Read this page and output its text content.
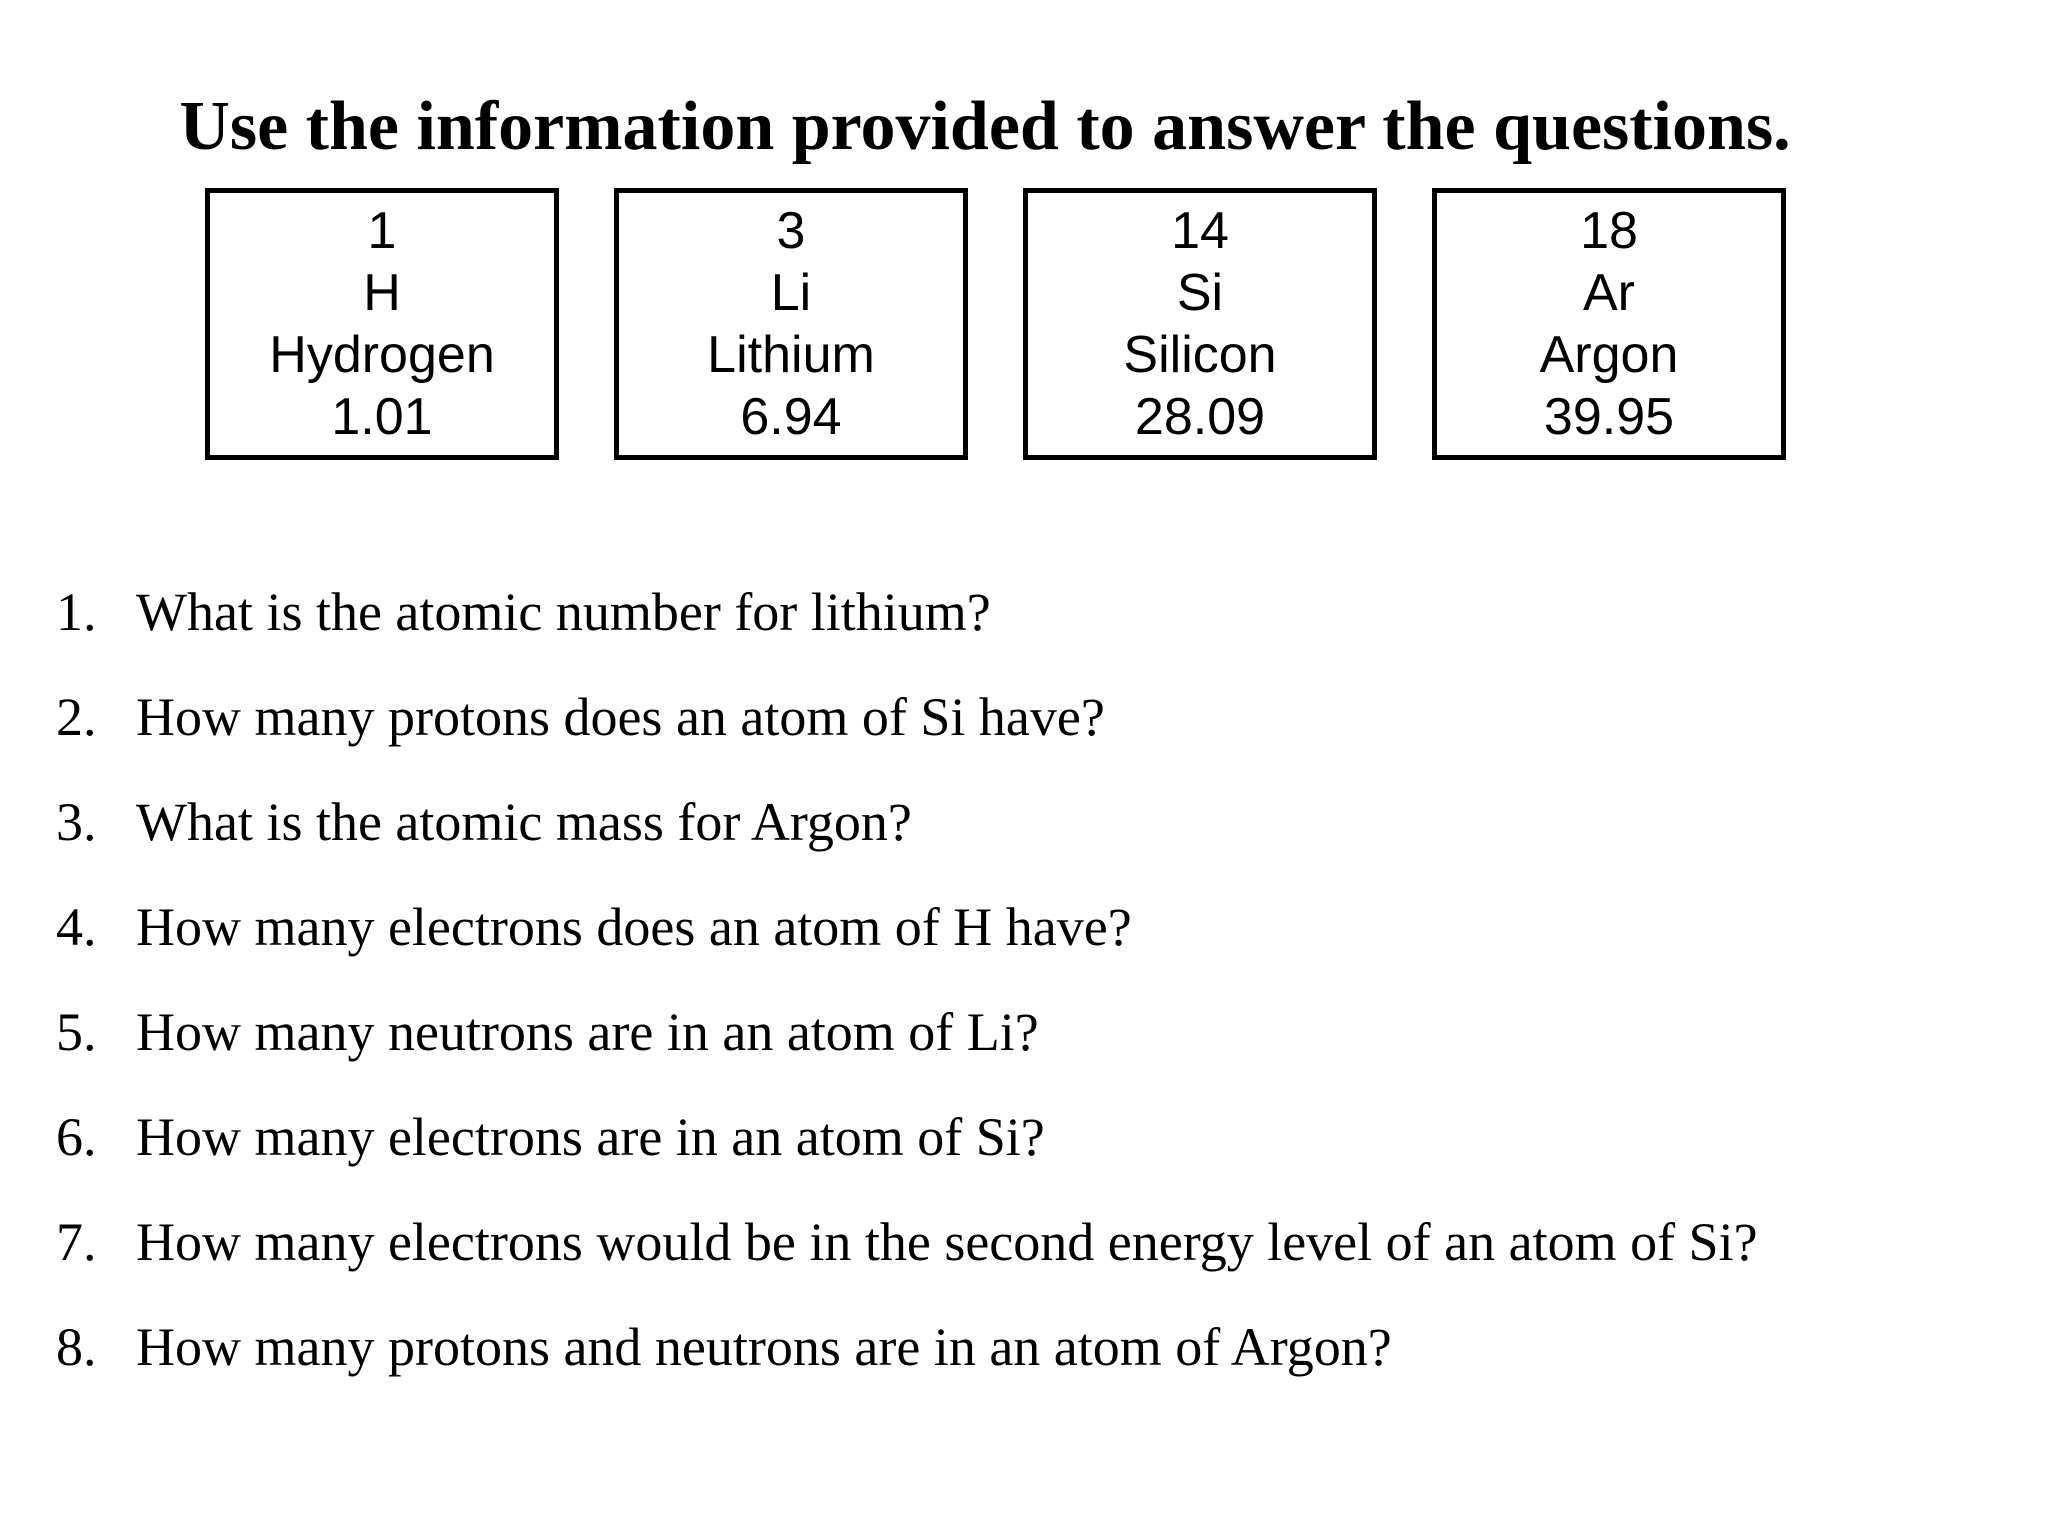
Use the information provided to answer the questions.
1
H
Hydrogen
1.01
3
Li
Lithium
6.94
14
Si
Silicon
28.09
18
Ar
Argon
39.95
1. What is the atomic number for lithium?
2. How many protons does an atom of Si have?
3. What is the atomic mass for Argon?
4. How many electrons does an atom of H have?
5. How many neutrons are in an atom of Li?
6. How many electrons are in an atom of Si?
7. How many electrons would be in the second energy level of an atom of Si?
8. How many protons and neutrons are in an atom of Argon?
